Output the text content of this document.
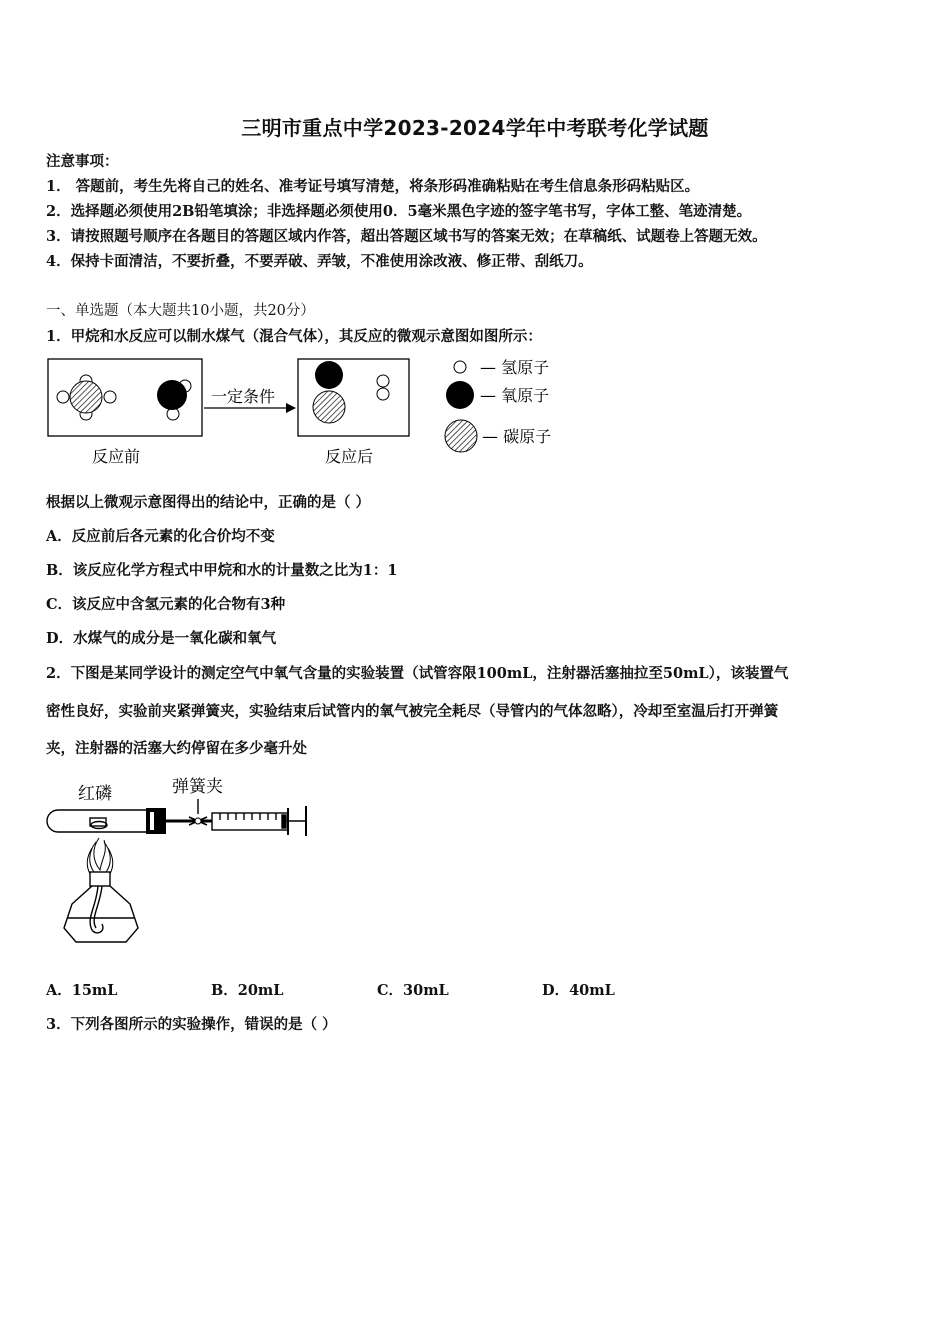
三明市重点中学2023-2024学年中考联考化学试题
注意事项：
1． 答题前，考生先将自己的姓名、准考证号填写清楚，将条形码准确粘贴在考生信息条形码粘贴区。
2．选择题必须使用2B铅笔填涂；非选择题必须使用0．5毫米黑色字迹的签字笔书写，字体工整、笔迹清楚。
3．请按照题号顺序在各题目的答题区域内作答，超出答题区域书写的答案无效；在草稿纸、试题卷上答题无效。
4．保持卡面清洁，不要折叠，不要弄破、弄皱，不准使用涂改液、修正带、刮纸刀。
一、单选题（本大题共10小题，共20分）
1．甲烷和水反应可以制水煤气（混合气体），其反应的微观示意图如图所示：
一定条件
反应前	反应后
— 氢原子
— 氧原子
— 碳原子
根据以上微观示意图得出的结论中，正确的是（ ）
A．反应前后各元素的化合价均不变
B．该反应化学方程式中甲烷和水的计量数之比为1：1
C．该反应中含氢元素的化合物有3种
D．水煤气的成分是一氧化碳和氧气
2．下图是某同学设计的测定空气中氧气含量的实验装置（试管容限100mL，注射器活塞抽拉至50mL），该装置气
密性良好，实验前夹紧弹簧夹，实验结束后试管内的氧气被完全耗尽（导管内的气体忽略），冷却至室温后打开弹簧
夹，注射器的活塞大约停留在多少毫升处
红磷	弹簧夹
A．15mL	B．20mL	C．30mL	D．40mL
3．下列各图所示的实验操作，错误的是（ ）
